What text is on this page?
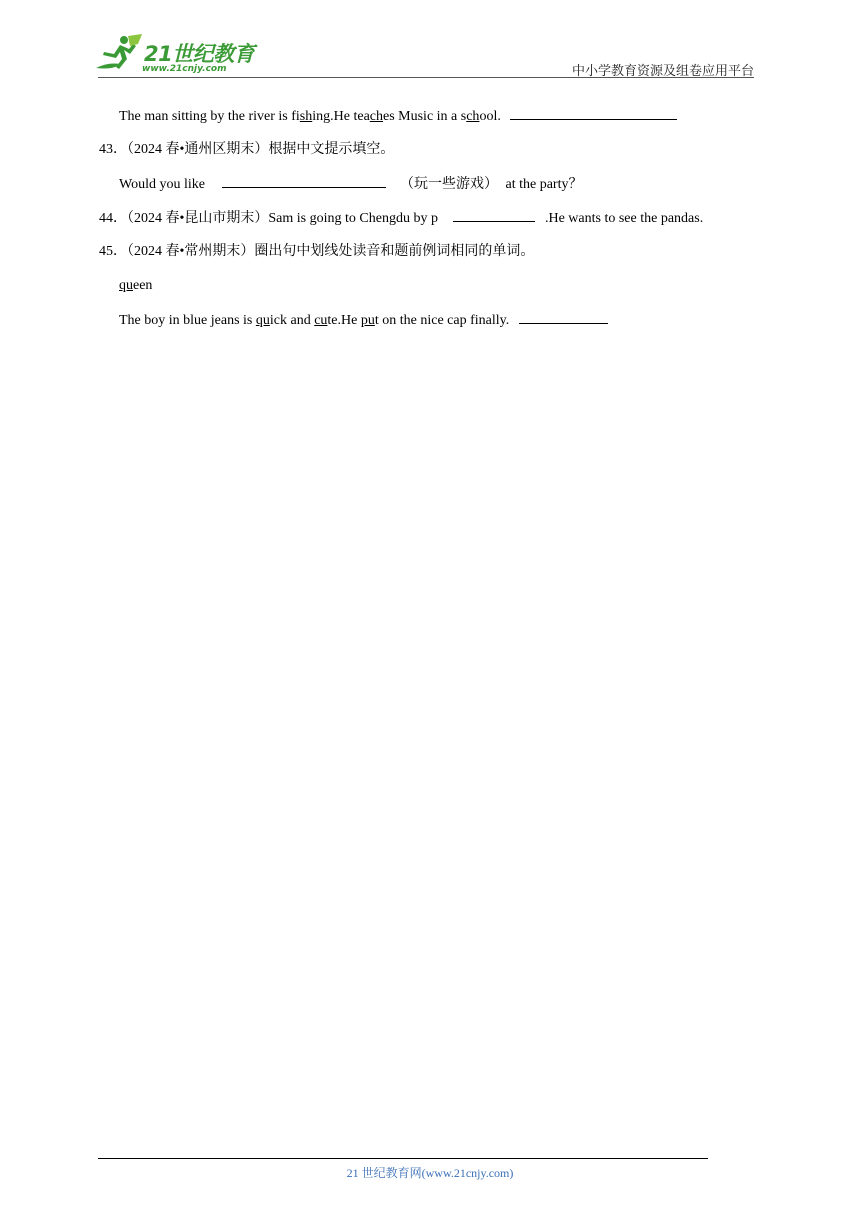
21世纪教育
www.21cnjy.com	中小学教育资源及组卷应用平台
The man sitting by the river is fishing.He teaches Music in a school.
43．（2024 春•通州区期末）根据中文提示填空。
Would you like	（玩一些游戏） at the party？
44．（2024 春•昆山市期末）Sam is going to Chengdu by p	.He wants to see the pandas.
45．（2024 春•常州期末）圈出句中划线处读音和题前例词相同的单词。
queen
The boy in blue jeans is quick and cute.He put on the nice cap finally.
21 世纪教育网(www.21cnjy.com)
